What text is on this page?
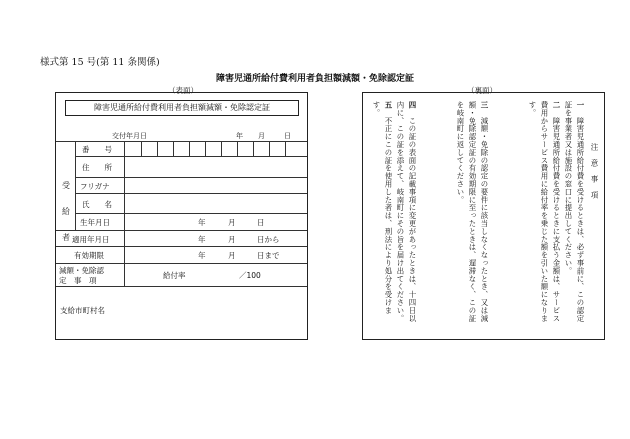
様式第 15 号(第 11 条関係)
障害児通所給付費利用者負担額減額・免除認定証
（表面）	（裏面）
障害児通所給付費利用者負担額減額・免除認定証
交付年月日	年 月	日
受
給
者
番　　号
住　　所
フリガナ
氏　　名
生年月日	年	月	日
適用年月日	年	月	日から
有効期限	年	月	日まで
減額・免除認
定　事　項
給付率	／100
支給市町村名
注　意　事　項
一　障害児通所給付費を受けるときは、必ず事前に、この認定証を事業者又は施設の窓口に提出してください。
二　障害児通所給付費を受けるときに支払う金額は、サービス費用からサービス費用に給付率を乗じた額を引いた額になります。
三　減額・免除の認定の要件に該当しなくなったとき、又は減額・免除認定証の有効期限に至ったときは、遅滞なく、この証を岐南町に返してください。
四　この証の表面の記載事項に変更があったときは、十四日以内に、この証を添えて、岐南町にその旨を届け出てください。
五　不正にこの証を使用した者は、刑法により処分を受けます。
